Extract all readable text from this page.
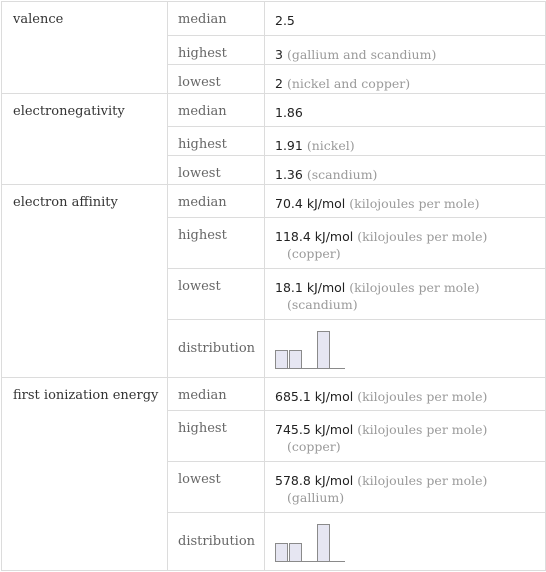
valence	median	2.5
	highest	3 (gallium and scandium)
	lowest	2 (nickel and copper)
electronegativity	median	1.86
	highest	1.91 (nickel)
	lowest	1.36 (scandium)
electron affinity	median	70.4 kJ/mol (kilojoules per mole)
	highest	118.4 kJ/mol (kilojoules per mole)
(copper)

	lowest	18.1 kJ/mol (kilojoules per mole)
(scandium)

	distribution	

first ionization energy	median	685.1 kJ/mol (kilojoules per mole)
	highest	745.5 kJ/mol (kilojoules per mole)
(copper)

	lowest	578.8 kJ/mol (kilojoules per mole)
(gallium)

	distribution	
